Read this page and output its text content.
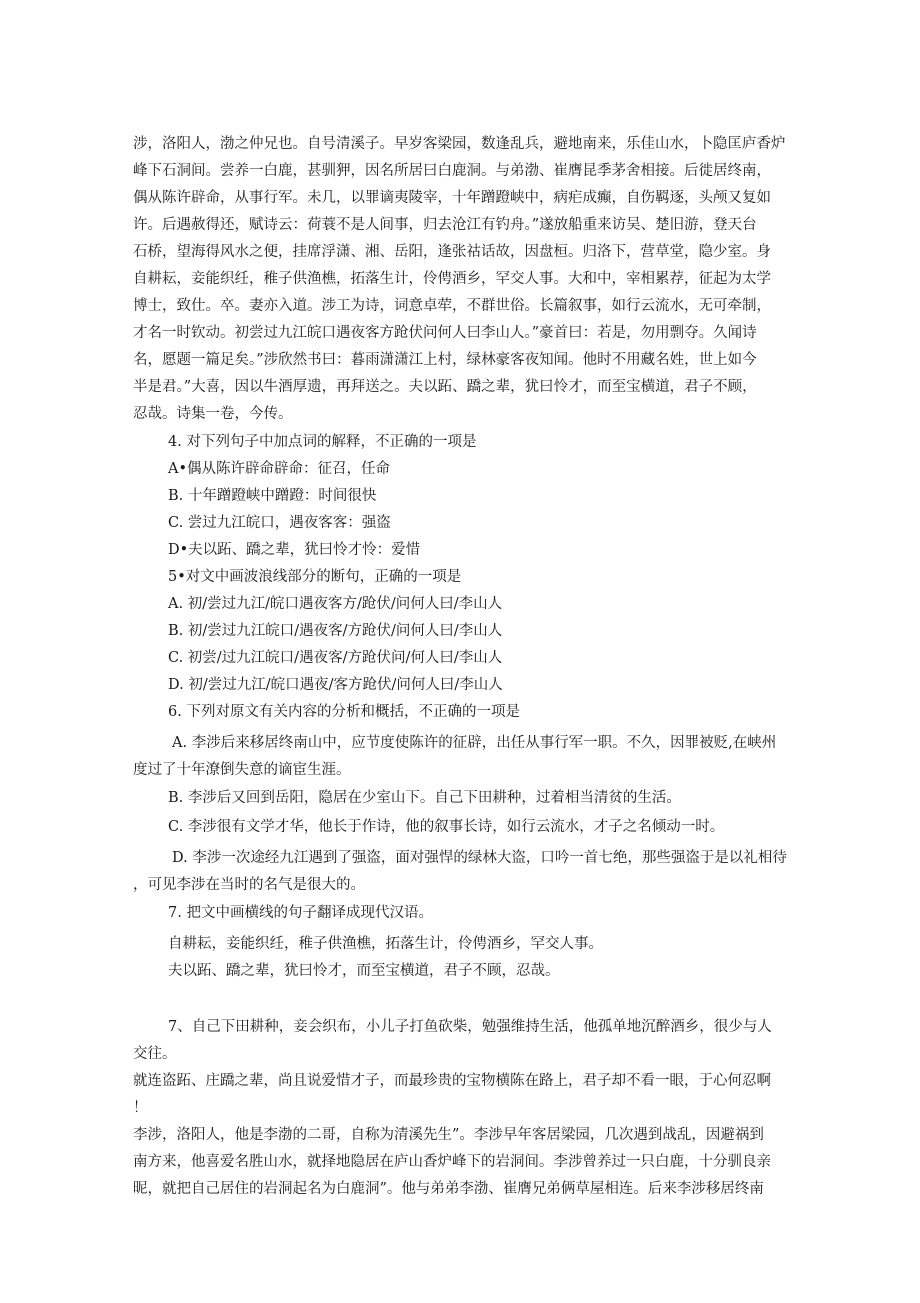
涉，洛阳人，渤之仲兄也。自号清溪子。早岁客梁园，数逢乱兵，避地南来，乐佳山水，卜隐匡庐香炉
峰下石洞间。尝养一白鹿，甚驯狎，因名所居曰白鹿洞。与弟渤、崔膺昆季茅舍相接。后徙居终南，
偶从陈许辟命，从事行军。未几，以罪谪夷陵宰，十年蹭蹬峡中，病疟成癫，自伤羁逐，头颅又复如
许。后遇赦得还，赋诗云：荷蓑不是人间事，归去沧江有钓舟。”遂放船重来访吴、楚旧游，登天台
石桥，望海得风水之便，挂席浮潇、湘、岳阳，逢张祜话故，因盘桓。归洛下，营草堂，隐少室。身
自耕耘，妾能织纴，稚子供渔樵，拓落生计，伶俜酒乡，罕交人事。大和中，宰相累荐，征起为太学
博士，致仕。卒。妻亦入道。涉工为诗，词意卓荦，不群世俗。长篇叙事，如行云流水，无可牵制，
才名一时钦动。初尝过九江皖口遇夜客方跄伏问何人曰李山人。”豪首曰：若是，勿用剽夺。久闻诗
名，愿题一篇足矣。”涉欣然书曰：暮雨潇潇江上村，绿林豪客夜知闻。他时不用藏名姓，世上如今
半是君。”大喜，因以牛酒厚遗，再拜送之。夫以跖、蹻之辈，犹曰怜才，而至宝横道，君子不顾，
忍哉。诗集一卷，今传。
4. 对下列句子中加点词的解释，不正确的一项是
A•偶从陈许辟命辟命：征召，任命
B. 十年蹭蹬峡中蹭蹬：时间很快
C. 尝过九江皖口，遇夜客客：强盗
D•夫以跖、蹻之辈，犹曰怜才怜：爱惜
5•对文中画波浪线部分的断句，正确的一项是
A. 初/尝过九江/皖口遇夜客方/跄伏/问何人曰/李山人
B. 初/尝过九江皖口/遇夜客/方跄伏/问何人曰/李山人
C. 初尝/过九江皖口/遇夜客/方跄伏问/何人曰/李山人
D. 初/尝过九江/皖口遇夜/客方跄伏/问何人曰/李山人
6. 下列对原文有关内容的分析和概括，不正确的一项是
A. 李涉后来移居终南山中，应节度使陈许的征辟，出任从事行军一职。不久，因罪被贬,在峡州
度过了十年潦倒失意的谪宦生涯。
B. 李涉后又回到岳阳，隐居在少室山下。自己下田耕种，过着相当清贫的生活。
C. 李涉很有文学才华，他长于作诗，他的叙事长诗，如行云流水，才子之名倾动一时。
D. 李涉一次途经九江遇到了强盗，面对强悍的绿林大盗，口吟一首七绝，那些强盗于是以礼相待
，可见李涉在当时的名气是很大的。
7. 把文中画横线的句子翻译成现代汉语。
自耕耘，妾能织纴，稚子供渔樵，拓落生计，伶俜酒乡，罕交人事。
夫以跖、蹻之辈，犹曰怜才，而至宝横道，君子不顾，忍哉。
7、自己下田耕种，妾会织布，小儿子打鱼砍柴，勉强维持生活，他孤单地沉醉酒乡，很少与人
交往。
就连盗跖、庄蹻之辈，尚且说爱惜才子，而最珍贵的宝物横陈在路上，君子却不看一眼，于心何忍啊
！
李涉，洛阳人，他是李渤的二哥，自称为清溪先生”。李涉早年客居梁园，几次遇到战乱，因避祸到
南方来，他喜爱名胜山水，就择地隐居在庐山香炉峰下的岩洞间。李涉曾养过一只白鹿，十分驯良亲
昵，就把自己居住的岩洞起名为白鹿洞”。他与弟弟李渤、崔膺兄弟俩草屋相连。后来李涉移居终南
